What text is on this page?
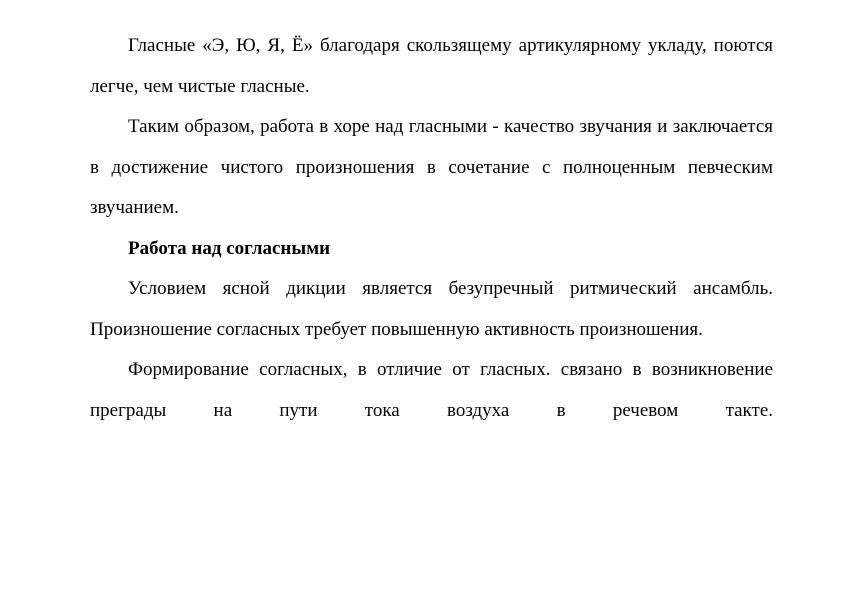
Гласные «Э, Ю, Я, Ё» благодаря скользящему артикулярному укладу, поются легче, чем чистые гласные.

Таким образом, работа в хоре над гласными - качество звучания и заключается в достижение чистого произношения в сочетание с полноценным певческим звучанием.

Работа над согласными

Условием ясной дикции является безупречный ритмический ансамбль. Произношение согласных требует повышенную активность произношения.

Формирование согласных, в отличие от гласных. связано в возникновение преграды на пути тока воздуха в речевом такте.
